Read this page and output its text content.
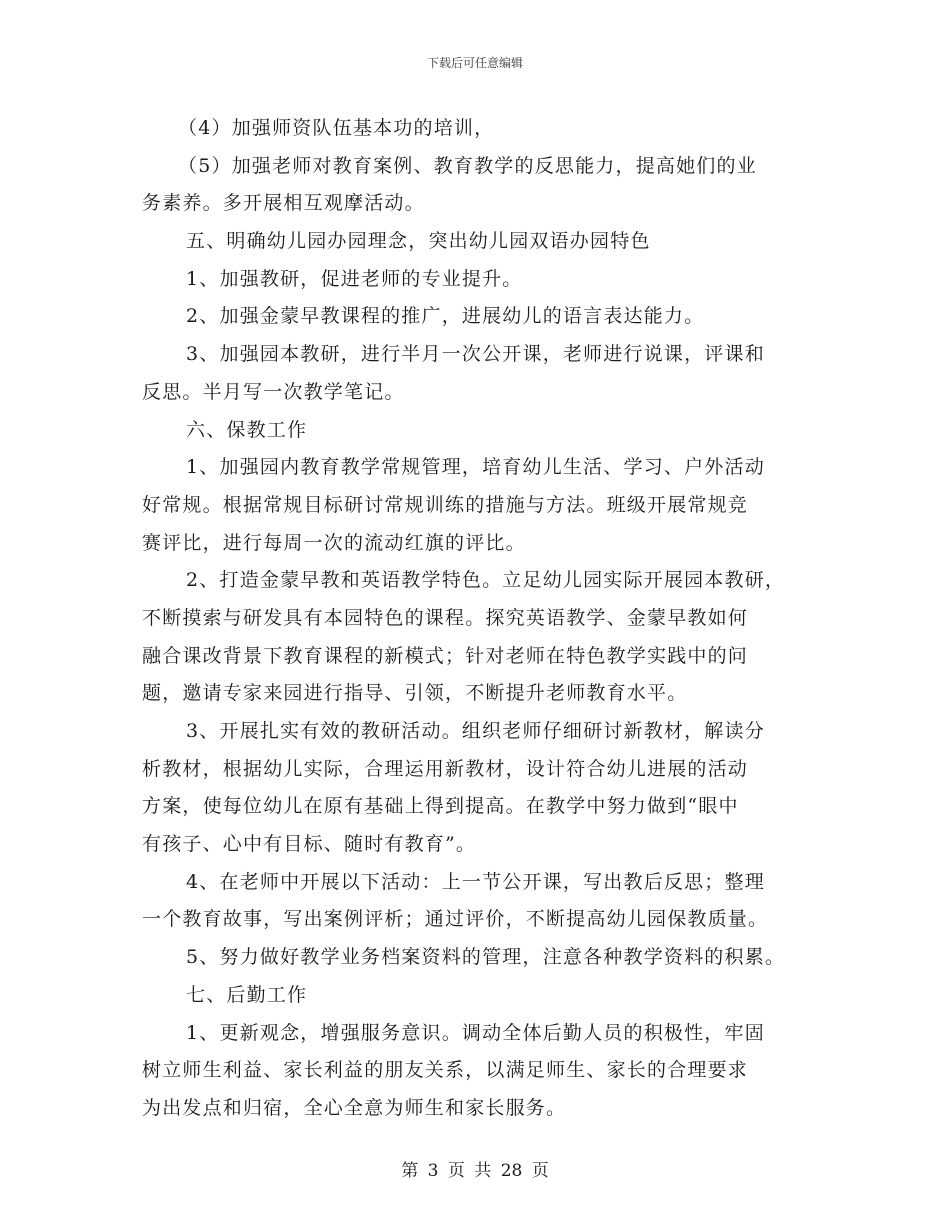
下载后可任意编辑
（4）加强师资队伍基本功的培训，
（5）加强老师对教育案例、教育教学的反思能力，提高她们的业
务素养。多开展相互观摩活动。
五、明确幼儿园办园理念，突出幼儿园双语办园特色
1、加强教研，促进老师的专业提升。
2、加强金蒙早教课程的推广，进展幼儿的语言表达能力。
3、加强园本教研，进行半月一次公开课，老师进行说课，评课和
反思。半月写一次教学笔记。
六、保教工作
1、加强园内教育教学常规管理，培育幼儿生活、学习、户外活动
好常规。根据常规目标研讨常规训练的措施与方法。班级开展常规竞
赛评比，进行每周一次的流动红旗的评比。
2、打造金蒙早教和英语教学特色。立足幼儿园实际开展园本教研，
不断摸索与研发具有本园特色的课程。探究英语教学、金蒙早教如何
融合课改背景下教育课程的新模式；针对老师在特色教学实践中的问
题，邀请专家来园进行指导、引领，不断提升老师教育水平。
3、开展扎实有效的教研活动。组织老师仔细研讨新教材，解读分
析教材，根据幼儿实际，合理运用新教材，设计符合幼儿进展的活动
方案，使每位幼儿在原有基础上得到提高。在教学中努力做到“眼中
有孩子、心中有目标、随时有教育”。
4、在老师中开展以下活动：上一节公开课，写出教后反思；整理
一个教育故事，写出案例评析；通过评价，不断提高幼儿园保教质量。
5、努力做好教学业务档案资料的管理，注意各种教学资料的积累。
七、后勤工作
1、更新观念，增强服务意识。调动全体后勤人员的积极性，牢固
树立师生利益、家长利益的朋友关系，以满足师生、家长的合理要求
为出发点和归宿，全心全意为师生和家长服务。
第 3 页 共 28 页
